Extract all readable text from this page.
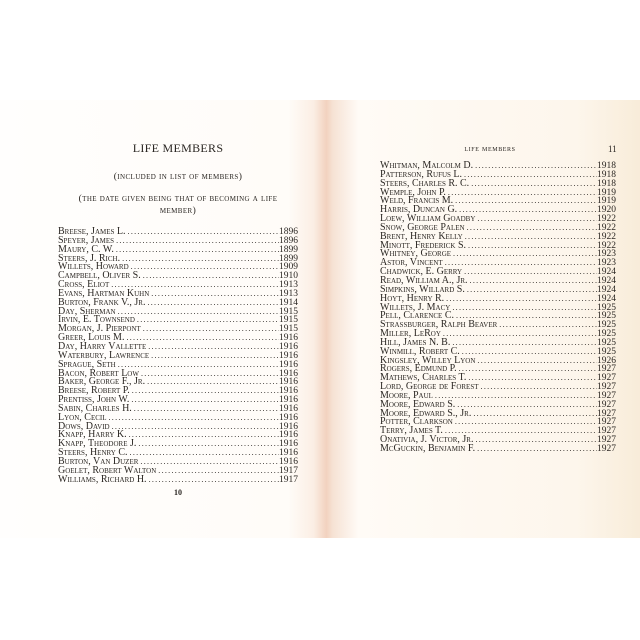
LIFE MEMBERS
(included in list of members)
(the date given being that of becoming a life member)
Breese, James L. .....	1896
Speyer, James .....	1896
Maury, C. W. .....	1899
Steers, J. Rich. .....	1899
Willets, Howard .....	1909
Campbell, Oliver S. .....	1910
Cross, Eliot .....	1913
Evans, Hartman Kuhn .....	1913
Burton, Frank V., Jr. .....	1914
Day, Sherman .....	1915
Irvin, E. Townsend .....	1915
Morgan, J. Pierpont .....	1915
Greer, Louis M. .....	1916
Day, Harry Vallette .....	1916
Waterbury, Lawrence .....	1916
Sprague, Seth .....	1916
Bacon, Robert Low .....	1916
Baker, George F., Jr. .....	1916
Breese, Robert P. .....	1916
Prentiss, John W. .....	1916
Sabin, Charles H. .....	1916
Lyon, Cecil .....	1916
Dows, David .....	1916
Knapp, Harry K. .....	1916
Knapp, Theodore J. .....	1916
Steers, Henry C. .....	1916
Burton, Van Duzer .....	1916
Goelet, Robert Walton .....	1917
Williams, Richard H. .....	1917
10
life members	11
Whitman, Malcolm D. .....	1918
Patterson, Rufus L. .....	1918
Steers, Charles R. C. .....	1918
Wemple, John P. .....	1919
Weld, Francis M. .....	1919
Harris, Duncan G. .....	1920
Loew, William Goadby .....	1922
Snow, George Palen .....	1922
Brent, Henry Kelly .....	1922
Minott, Frederick S. .....	1922
Whitney, George .....	1923
Astor, Vincent .....	1923
Chadwick, E. Gerry .....	1924
Read, William A., Jr. .....	1924
Simpkins, Willard S. .....	1924
Hoyt, Henry R. .....	1924
Willets, J. Macy .....	1925
Pell, Clarence C. .....	1925
Strassburger, Ralph Beaver .....	1925
Miller, LeRoy .....	1925
Hill, James N. B. .....	1925
Winmill, Robert C. .....	1925
Kingsley, Willey Lyon .....	1926
Rogers, Edmund P. .....	1927
Mathews, Charles T. .....	1927
Lord, George de Forest .....	1927
Moore, Paul .....	1927
Moore, Edward S. .....	1927
Moore, Edward S., Jr. .....	1927
Potter, Clarkson .....	1927
Terry, James T. .....	1927
Onativia, J. Victor, Jr. .....	1927
McGuckin, Benjamin F. .....	1927
